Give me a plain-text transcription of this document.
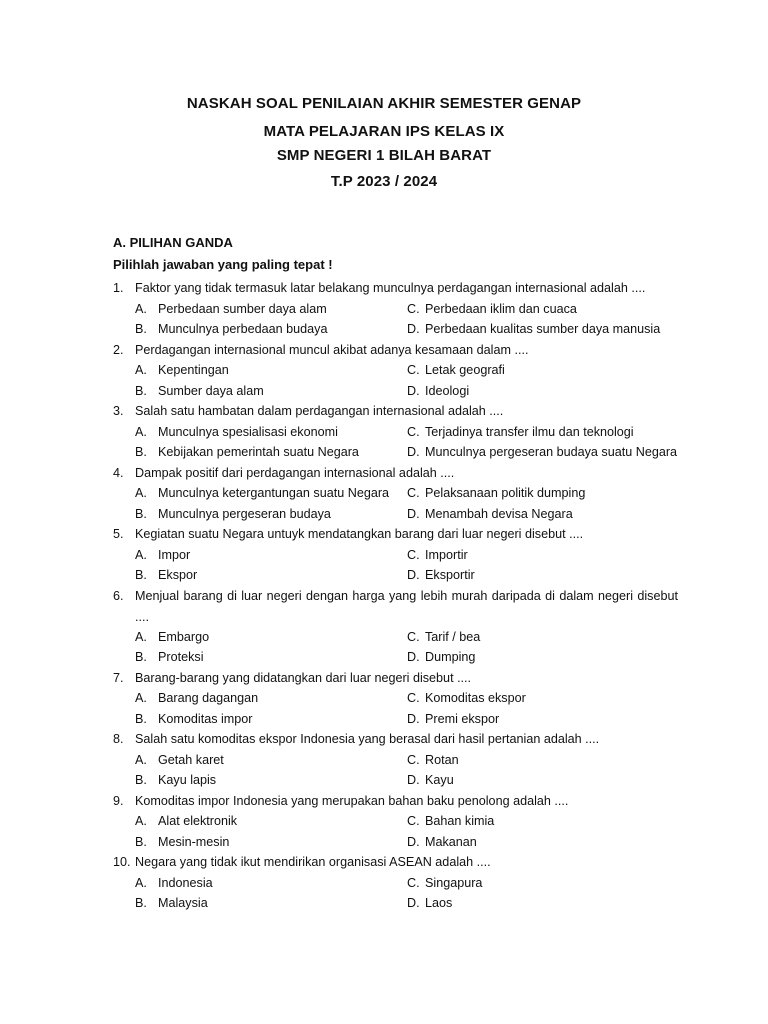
NASKAH SOAL PENILAIAN AKHIR SEMESTER GENAP
MATA PELAJARAN IPS KELAS IX
SMP NEGERI 1 BILAH BARAT
T.P 2023 / 2024
A. PILIHAN GANDA
Pilihlah jawaban yang paling tepat !
1. Faktor yang tidak termasuk latar belakang munculnya perdagangan internasional adalah ....
A. Perbedaan sumber daya alam	C. Perbedaan iklim dan cuaca
B. Munculnya perbedaan budaya	D. Perbedaan kualitas sumber daya manusia
2. Perdagangan internasional muncul akibat adanya kesamaan dalam ....
A. Kepentingan	C. Letak geografi
B. Sumber daya alam	D. Ideologi
3. Salah satu hambatan dalam perdagangan internasional adalah ....
A. Munculnya spesialisasi ekonomi	C. Terjadinya transfer ilmu dan teknologi
B. Kebijakan pemerintah suatu Negara	D. Munculnya pergeseran budaya suatu Negara
4. Dampak positif dari perdagangan internasional adalah ....
A. Munculnya ketergantungan suatu Negara C. Pelaksanaan politik dumping
B. Munculnya pergeseran budaya	D. Menambah devisa Negara
5. Kegiatan suatu Negara untuyk mendatangkan barang dari luar negeri disebut ....
A. Impor	C. Importir
B. Ekspor	D. Eksportir
6. Menjual barang di luar negeri dengan harga yang lebih murah daripada di dalam negeri disebut ....
A. Embargo	C. Tarif / bea
B. Proteksi	D. Dumping
7. Barang-barang yang didatangkan dari luar negeri disebut ....
A. Barang dagangan	C. Komoditas ekspor
B. Komoditas impor	D. Premi ekspor
8. Salah satu komoditas ekspor Indonesia yang berasal dari hasil pertanian adalah ....
A. Getah karet	C. Rotan
B. Kayu lapis	D. Kayu
9. Komoditas impor Indonesia yang merupakan bahan baku penolong adalah ....
A. Alat elektronik	C. Bahan kimia
B. Mesin-mesin	D. Makanan
10. Negara yang tidak ikut mendirikan organisasi ASEAN adalah ....
A. Indonesia	C. Singapura
B. Malaysia	D. Laos
